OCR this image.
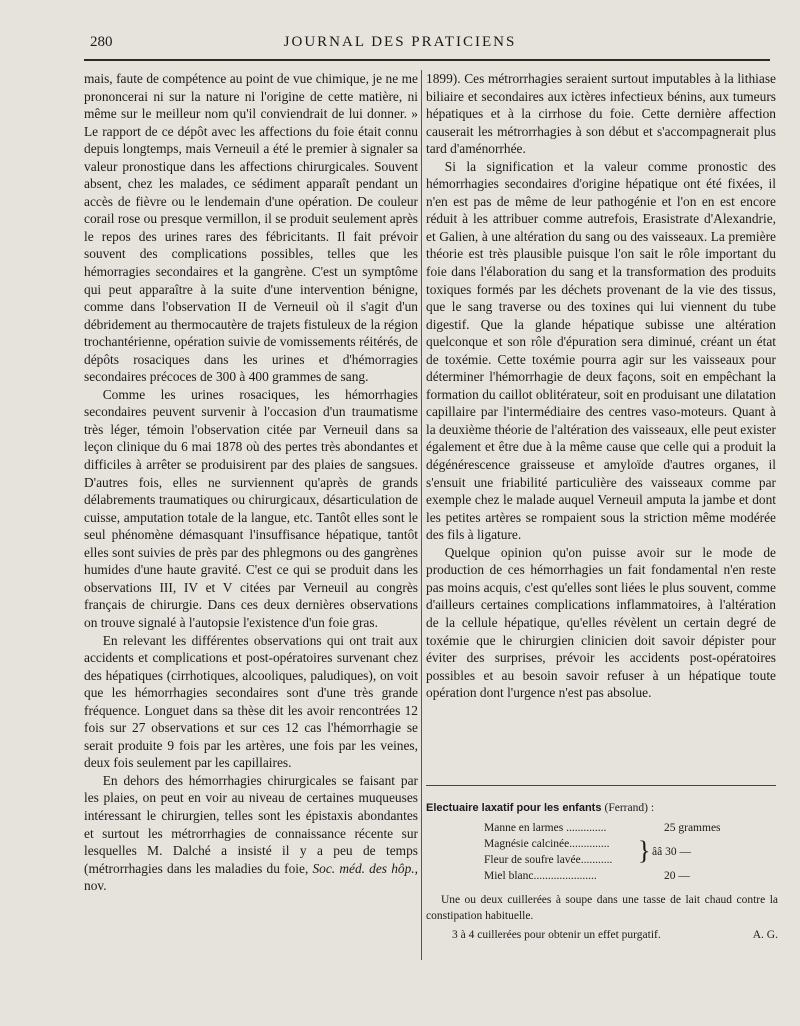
280	JOURNAL DES PRATICIENS

mais, faute de compétence au point de vue chimique, je ne me prononcerai ni sur la nature ni l'origine de cette matière, ni même sur le meilleur nom qu'il conviendrait de lui donner. » Le rapport de ce dépôt avec les affections du foie était connu depuis longtemps, mais Verneuil a été le premier à signaler sa valeur pronostique dans les affections chirurgicales. Souvent absent, chez les malades, ce sédiment apparaît pendant un accès de fièvre ou le lendemain d'une opération. De couleur corail rose ou presque vermillon, il se produit seulement après le repos des urines rares des fébricitants. Il fait prévoir souvent des complications possibles, telles que les hémorragies secondaires et la gangrène. C'est un symptôme qui peut apparaître à la suite d'une intervention bénigne, comme dans l'observation II de Verneuil où il s'agit d'un débridement au thermocautère de trajets fistuleux de la région trochantérienne, opération suivie de vomissements réitérés, de dépôts rosaciques dans les urines et d'hémorragies secondaires précoces de 300 à 400 grammes de sang.

Comme les urines rosaciques, les hémorrhagies secondaires peuvent survenir à l'occasion d'un traumatisme très léger, témoin l'observation citée par Verneuil dans sa leçon clinique du 6 mai 1878 où des pertes très abondantes et difficiles à arrêter se produisirent par des plaies de sangsues. D'autres fois, elles ne surviennent qu'après de grands délabrements traumatiques ou chirurgicaux, désarticulation de cuisse, amputation totale de la langue, etc. Tantôt elles sont le seul phénomène démasquant l'insuffisance hépatique, tantôt elles sont suivies de près par des phlegmons ou des gangrènes humides d'une haute gravité. C'est ce qui se produit dans les observations III, IV et V citées par Verneuil au congrès français de chirurgie. Dans ces deux dernières observations on trouve signalé à l'autopsie l'existence d'un foie gras.

En relevant les différentes observations qui ont trait aux accidents et complications et post-opératoires survenant chez des hépatiques (cirrhotiques, alcooliques, paludiques), on voit que les hémorrhagies secondaires sont d'une très grande fréquence. Longuet dans sa thèse dit les avoir rencontrées 12 fois sur 27 observations et sur ces 12 cas l'hémorrhagie se serait produite 9 fois par les artères, une fois par les veines, deux fois seulement par les capillaires.

En dehors des hémorrhagies chirurgicales se faisant par les plaies, on peut en voir au niveau de certaines muqueuses intéressant le chirurgien, telles sont les épistaxis abondantes et surtout les métrorrhagies de connaissance récente sur lesquelles M. Dalché a insisté il y a peu de temps (métrorrhagies dans les maladies du foie, Soc. méd. des hôp., nov.

1899). Ces métrorrhagies seraient surtout imputables à la lithiase biliaire et secondaires aux ictères infectieux bénins, aux tumeurs hépatiques et à la cirrhose du foie. Cette dernière affection causerait les métrorrhagies à son début et s'accompagnerait plus tard d'aménorrhée.

Si la signification et la valeur comme pronostic des hémorrhagies secondaires d'origine hépatique ont été fixées, il n'en est pas de même de leur pathogénie et l'on en est encore réduit à les attribuer comme autrefois, Erasistrate d'Alexandrie, et Galien, à une altération du sang ou des vaisseaux. La première théorie est très plausible puisque l'on sait le rôle important du foie dans l'élaboration du sang et la transformation des produits toxiques formés par les déchets provenant de la vie des tissus, que le sang traverse ou des toxines qui lui viennent du tube digestif. Que la glande hépatique subisse une altération quelconque et son rôle d'épuration sera diminué, créant un état de toxémie. Cette toxémie pourra agir sur les vaisseaux pour déterminer l'hémorrhagie de deux façons, soit en empêchant la formation du caillot oblitérateur, soit en produisant une dilatation capillaire par l'intermédiaire des centres vaso-moteurs. Quant à la deuxième théorie de l'altération des vaisseaux, elle peut exister également et être due à la même cause que celle qui a produit la dégénérescence graisseuse et amyloïde d'autres organes, il s'ensuit une friabilité particulière des vaisseaux comme par exemple chez le malade auquel Verneuil amputa la jambe et dont les petites artères se rompaient sous la striction même modérée des fils à ligature.

Quelque opinion qu'on puisse avoir sur le mode de production de ces hémorrhagies un fait fondamental n'en reste pas moins acquis, c'est qu'elles sont liées le plus souvent, comme d'ailleurs certaines complications inflammatoires, à l'altération de la cellule hépatique, qu'elles révèlent un certain degré de toxémie que le chirurgien clinicien doit savoir dépister pour éviter des surprises, prévoir les accidents post-opératoires possibles et au besoin savoir refuser à un hépatique toute opération dont l'urgence n'est pas absolue.

Electuaire laxatif pour les enfants (Ferrand) :
Manne en larmes ..............	25 grammes
Magnésie calcinée..............
Fleur de soufre lavée........... } ââ 30 —
Miel blanc......................	20 —

Une ou deux cuillerées à soupe dans une tasse de lait chaud contre la constipation habituelle.

3 à 4 cuillerées pour obtenir un effet purgatif.	A. G.
